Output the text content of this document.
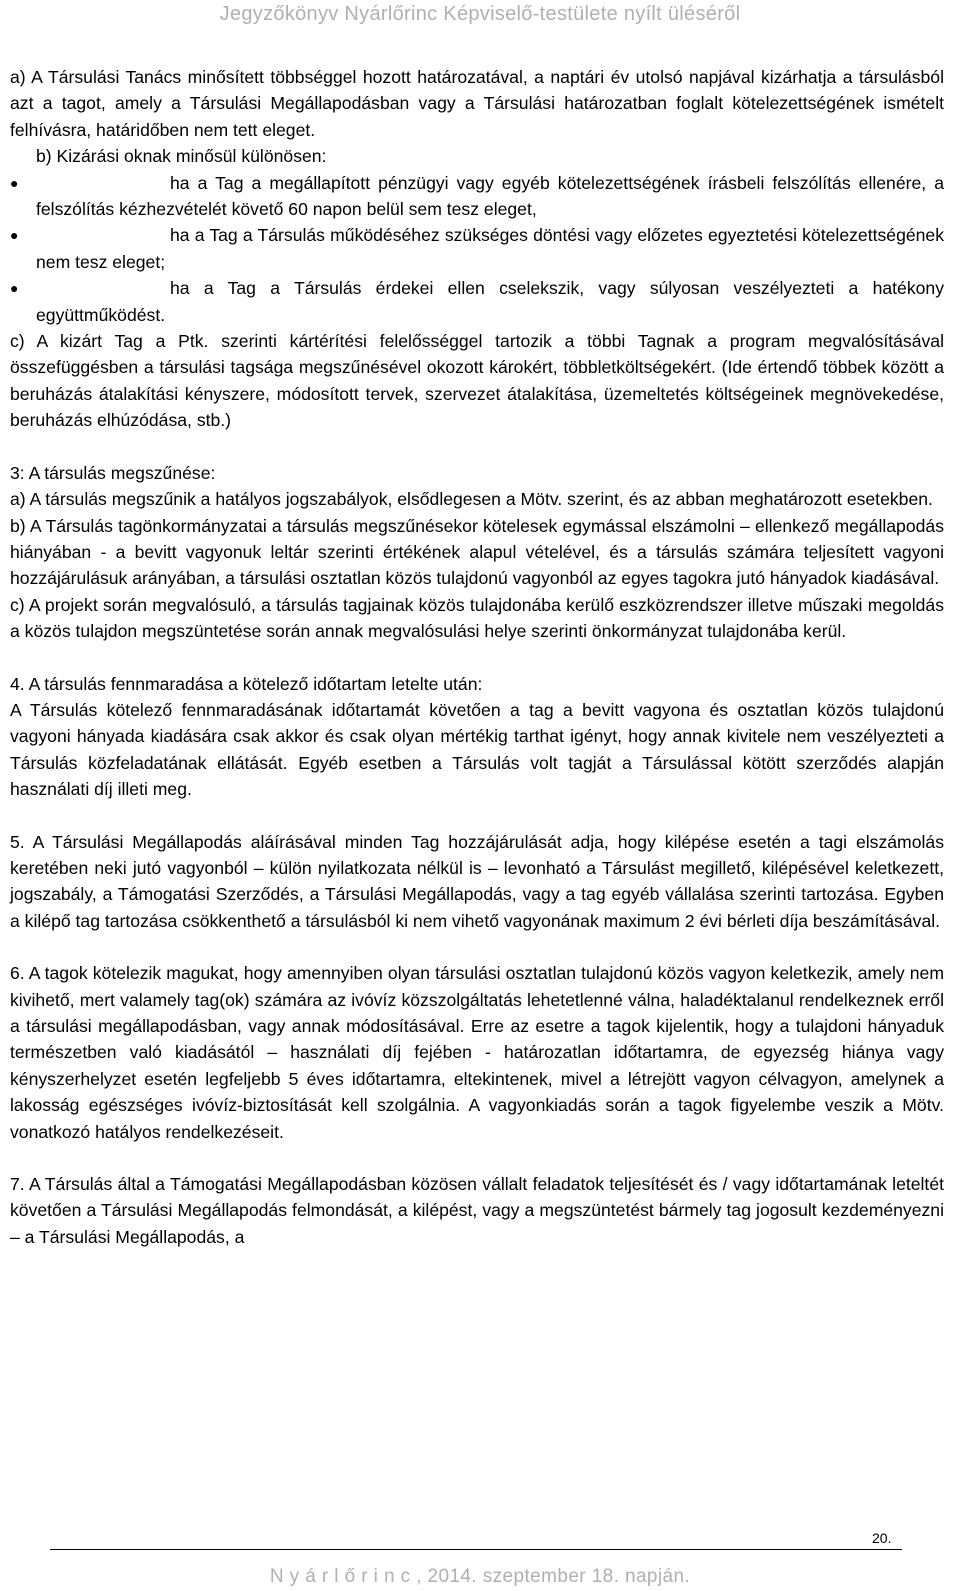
Jegyzőkönyv Nyárlőrinc Képviselő-testülete nyílt üléséről

a) A Társulási Tanács minősített többséggel hozott határozatával, a naptári év utolsó napjával kizárhatja a társulásból azt a tagot, amely a Társulási Megállapodásban vagy a Társulási határozatban foglalt kötelezettségének ismételt felhívásra, határidőben nem tett eleget.

b) Kizárási oknak minősül különösen:

●	ha a Tag a megállapított pénzügyi vagy egyéb kötelezettségének írásbeli felszólítás ellenére, a felszólítás kézhezvételét követő 60 napon belül sem tesz eleget,

●	ha a Tag a Társulás működéséhez szükséges döntési vagy előzetes egyeztetési kötelezettségének nem tesz eleget;

●	ha a Tag a Társulás érdekei ellen cselekszik, vagy súlyosan veszélyezteti a hatékony együttműködést.

c) A kizárt Tag a Ptk. szerinti kártérítési felelősséggel tartozik a többi Tagnak a program megvalósításával összefüggésben a társulási tagsága megszűnésével okozott károkért, többletköltségekért. (Ide értendő többek között a beruházás átalakítási kényszere, módosított tervek, szervezet átalakítása, üzemeltetés költségeinek megnövekedése, beruházás elhúzódása, stb.)

3: A társulás megszűnése:

a) A társulás megszűnik a hatályos jogszabályok, elsődlegesen a Mötv. szerint, és az abban meghatározott esetekben.

b) A Társulás tagönkormányzatai a társulás megszűnésekor kötelesek egymással elszámolni – ellenkező megállapodás hiányában - a bevitt vagyonuk leltár szerinti értékének alapul vételével, és a társulás számára teljesített vagyoni hozzájárulásuk arányában, a társulási osztatlan közös tulajdonú vagyonból az egyes tagokra jutó hányadok kiadásával.

c) A projekt során megvalósuló, a társulás tagjainak közös tulajdonába kerülő eszközrendszer illetve műszaki megoldás a közös tulajdon megszüntetése során annak megvalósulási helye szerinti önkormányzat tulajdonába kerül.

4. A társulás fennmaradása a kötelező időtartam letelte után:

A Társulás kötelező fennmaradásának időtartamát követően a tag a bevitt vagyona és osztatlan közös tulajdonú vagyoni hányada kiadására csak akkor és csak olyan mértékig tarthat igényt, hogy annak kivitele nem veszélyezteti a Társulás közfeladatának ellátását. Egyéb esetben a Társulás volt tagját a Társulással kötött szerződés alapján használati díj illeti meg.

5. A Társulási Megállapodás aláírásával minden Tag hozzájárulását adja, hogy kilépése esetén a tagi elszámolás keretében neki jutó vagyonból – külön nyilatkozata nélkül is – levonható a Társulást megillető, kilépésével keletkezett, jogszabály, a Támogatási Szerződés, a Társulási Megállapodás, vagy a tag egyéb vállalása szerinti tartozása. Egyben a kilépő tag tartozása csökkenthető a társulásból ki nem vihető vagyonának maximum 2 évi bérleti díja beszámításával.

6. A tagok kötelezik magukat, hogy amennyiben olyan társulási osztatlan tulajdonú közös vagyon keletkezik, amely nem kivihető, mert valamely tag(ok) számára az ivóvíz közszolgáltatás lehetetlenné válna, haladéktalanul rendelkeznek erről a társulási megállapodásban, vagy annak módosításával. Erre az esetre a tagok kijelentik, hogy a tulajdoni hányaduk természetben való kiadásától – használati díj fejében - határozatlan időtartamra, de egyezség hiánya vagy kényszerhelyzet esetén legfeljebb 5 éves időtartamra, eltekintenek, mivel a létrejött vagyon célvagyon, amelynek a lakosság egészséges ivóvíz-biztosítását kell szolgálnia. A vagyonkiadás során a tagok figyelembe veszik a Mötv. vonatkozó hatályos rendelkezéseit.

7. A Társulás által a Támogatási Megállapodásban közösen vállalt feladatok teljesítését és / vagy időtartamának leteltét követően a Társulási Megállapodás felmondását, a kilépést, vagy a megszüntetést bármely tag jogosult kezdeményezni – a Társulási Megállapodás, a

20.
N y á r l ő r i n c , 2014. szeptember 18. napján.
